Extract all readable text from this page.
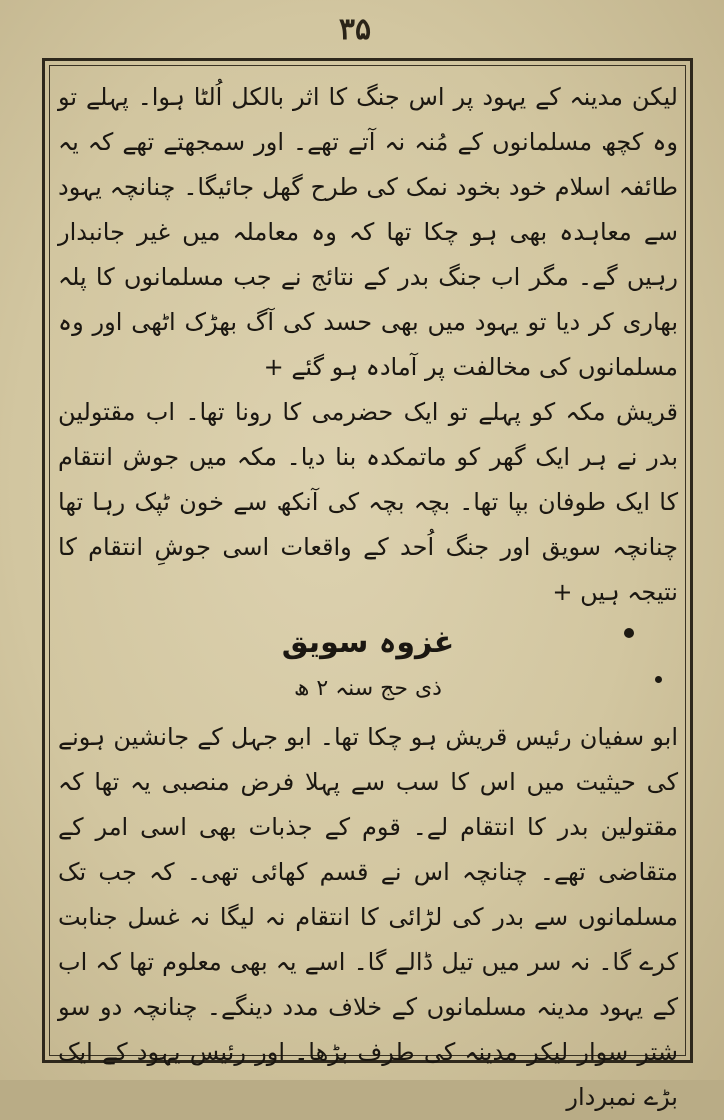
۳۵

لیکن مدینہ کے یہود پر اس جنگ کا اثر بالکل اُلٹا ہوا۔ پہلے تو وہ کچھ مسلمانوں کے مُنہ نہ آتے تھے۔ اور سمجھتے تھے کہ یہ طائفہ اسلام خود بخود نمک کی طرح گھل جائیگا۔ چنانچہ یہود سے معاہدہ بھی ہو چکا تھا کہ وہ معاملہ میں غیر جانبدار رہیں گے۔ مگر اب جنگ بدر کے نتائج نے جب مسلمانوں کا پلہ بھاری کر دیا تو یہود میں بھی حسد کی آگ بھڑک اٹھی اور وہ مسلمانوں کی مخالفت پر آمادہ ہو گئے +

قریش مکہ کو پہلے تو ایک حضرمی کا رونا تھا۔ اب مقتولین بدر نے ہر ایک گھر کو ماتمکدہ بنا دیا۔ مکہ میں جوش انتقام کا ایک طوفان بپا تھا۔ بچہ بچہ کی آنکھ سے خون ٹپک رہا تھا چنانچہ سویق اور جنگ اُحد کے واقعات اسی جوشِ انتقام کا نتیجہ ہیں +

غزوہ سویق

ذی حج سنہ ۲ ھ

ابو سفیان رئیس قریش ہو چکا تھا۔ ابو جہل کے جانشین ہونے کی حیثیت میں اس کا سب سے پہلا فرض منصبی یہ تھا کہ مقتولین بدر کا انتقام لے۔ قوم کے جذبات بھی اسی امر کے متقاضی تھے۔ چنانچہ اس نے قسم کھائی تھی۔ کہ جب تک مسلمانوں سے بدر کی لڑائی کا انتقام نہ لیگا نہ غسل جنابت کرے گا۔ نہ سر میں تیل ڈالے گا۔ اسے یہ بھی معلوم تھا کہ اب کے یہود مدینہ مسلمانوں کے خلاف مدد دینگے۔ چنانچہ دو سو شتر سوار لیکر مدینہ کی طرف بڑھا۔ اور رئیس یہود کے ایک بڑے نمبردار
